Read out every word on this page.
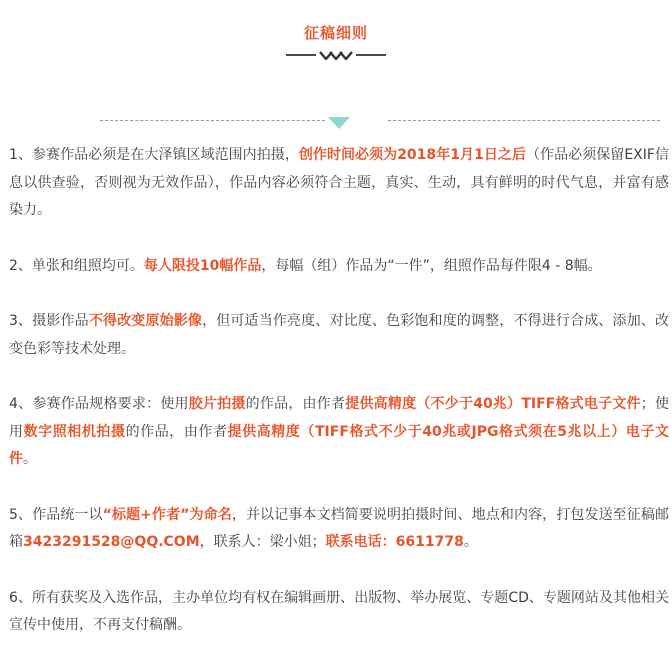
征稿细则

1、参赛作品必须是在大泽镇区域范围内拍摄，创作时间必须为2018年1月1日之后（作品必须保留EXIF信息以供查验，否则视为无效作品），作品内容必须符合主题，真实、生动，具有鲜明的时代气息，并富有感染力。

2、单张和组照均可。每人限投10幅作品，每幅（组）作品为“一件”，组照作品每件限4 - 8幅。

3、摄影作品不得改变原始影像，但可适当作亮度、对比度、色彩饱和度的调整，不得进行合成、添加、改变色彩等技术处理。

4、参赛作品规格要求：使用胶片拍摄的作品，由作者提供高精度（不少于40兆）TIFF格式电子文件；使用数字照相机拍摄的作品，由作者提供高精度（TIFF格式不少于40兆或JPG格式须在5兆以上）电子文件。

5、作品统一以“标题+作者”为命名，并以记事本文档简要说明拍摄时间、地点和内容，打包发送至征稿邮箱3423291528@QQ.COM，联系人：梁小姐；联系电话：6611778。

6、所有获奖及入选作品，主办单位均有权在编辑画册、出版物、举办展览、专题CD、专题网站及其他相关宣传中使用，不再支付稿酬。
